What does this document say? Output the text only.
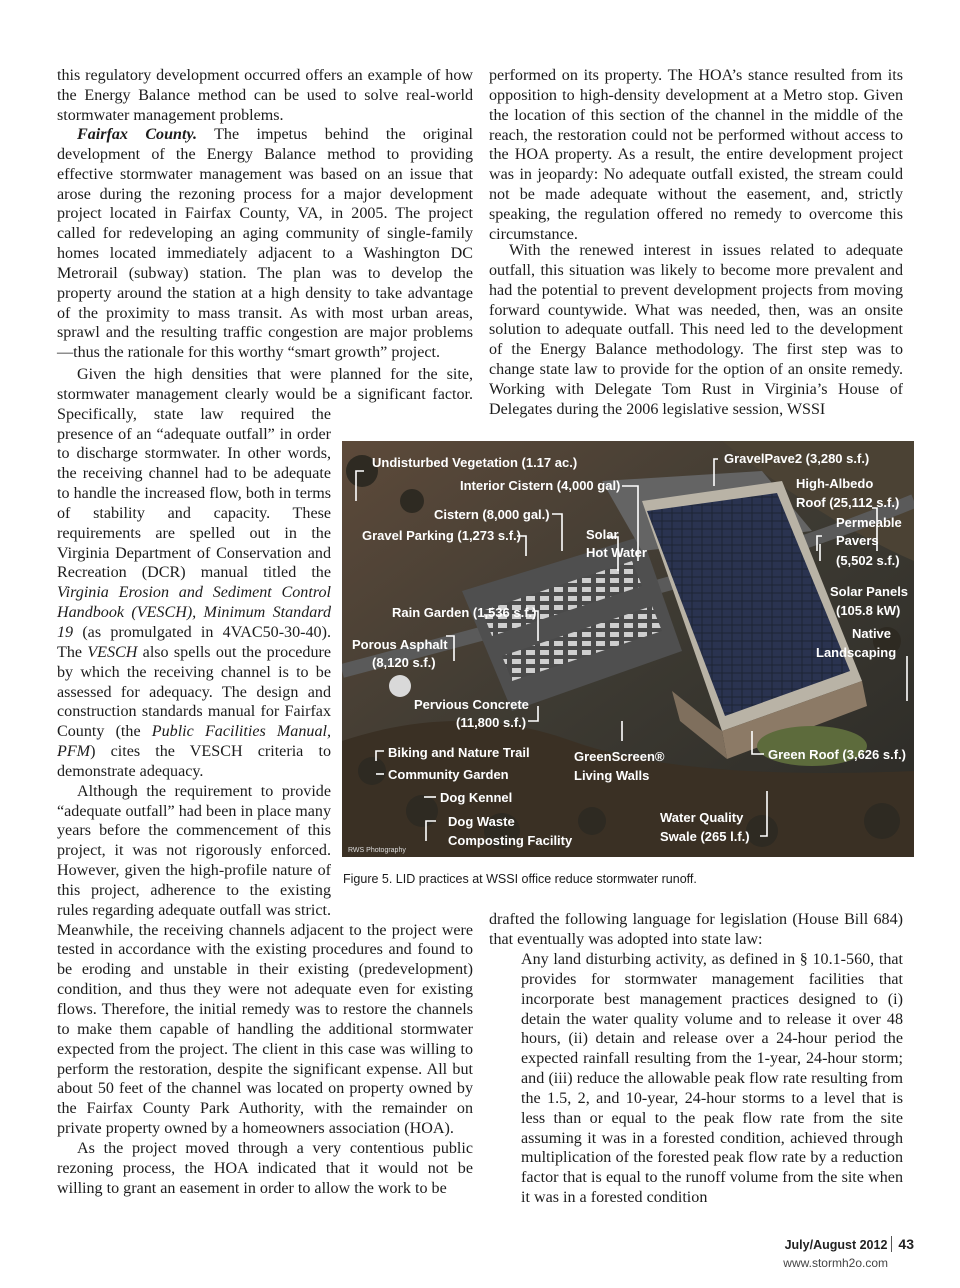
this regulatory development occurred offers an example of how the Energy Balance method can be used to solve real-world stormwater management problems.

Fairfax County. The impetus behind the original development of the Energy Balance method to providing effective stormwater management was based on an issue that arose during the rezoning process for a major development project located in Fairfax County, VA, in 2005. The project called for redeveloping an aging community of single-family homes located immediately adjacent to a Washington DC Metrorail (subway) station. The plan was to develop the property around the station at a high density to take advantage of the proximity to mass transit. As with most urban areas, sprawl and the resulting traffic congestion are major problems—thus the rationale for this worthy “smart growth” project.

Given the high densities that were planned for the site, stormwater management clearly would be a significant factor. Specifically, state law required the presence of an “adequate outfall” in order to discharge stormwater. In other words, the receiving channel had to be adequate to handle the increased flow, both in terms of stability and capacity. These requirements are spelled out in the Virginia Department of Conservation and Recreation (DCR) manual titled the Virginia Erosion and Sediment Control Handbook (VESCH), Minimum Standard 19 (as promulgated in 4VAC50-30-40). The VESCH also spells out the procedure by which the receiving channel is to be assessed for adequacy. The design and construction standards manual for Fairfax County (the Public Facilities Manual, PFM) cites the VESCH criteria to demonstrate adequacy.

Although the requirement to provide “adequate outfall” had been in place many years before the commencement of this project, it was not rigorously enforced. However, given the high-profile nature of this project, adherence to the existing rules regarding adequate outfall was strict. Meanwhile, the receiving channels adjacent to the project were tested in accordance with the existing procedures and found to be eroding and unstable in their existing (predevelopment) condition, and thus they were not adequate even for existing flows. Therefore, the initial remedy was to restore the channels to make them capable of handling the additional stormwater expected from the project. The client in this case was willing to perform the restoration, despite the significant expense. All but about 50 feet of the channel was located on property owned by the Fairfax County Park Authority, with the remainder on private property owned by a homeowners association (HOA).

As the project moved through a very contentious public rezoning process, the HOA indicated that it would not be willing to grant an easement in order to allow the work to be

performed on its property. The HOA’s stance resulted from its opposition to high-density development at a Metro stop. Given the location of this section of the channel in the middle of the reach, the restoration could not be performed without access to the HOA property. As a result, the entire development project was in jeopardy: No adequate outfall existed, the stream could not be made adequate without the easement, and, strictly speaking, the regulation offered no remedy to overcome this circumstance.

With the renewed interest in issues related to adequate outfall, this situation was likely to become more prevalent and had the potential to prevent development projects from moving forward countywide. What was needed, then, was an onsite solution to adequate outfall. This need led to the development of the Energy Balance methodology. The first step was to change state law to provide for the option of an onsite remedy. Working with Delegate Tom Rust in Virginia’s House of Delegates during the 2006 legislative session, WSSI

drafted the following language for legislation (House Bill 684) that eventually was adopted into state law:

Any land disturbing activity, as defined in § 10.1-560, that provides for stormwater management facilities that incorporate best management practices designed to (i) detain the water quality volume and to release it over 48 hours, (ii) detain and release over a 24-hour period the expected rainfall resulting from the 1-year, 24-hour storm; and (iii) reduce the allowable peak flow rate resulting from the 1.5, 2, and 10-year, 24-hour storms to a level that is less than or equal to the peak flow rate from the site assuming it was in a forested condition, achieved through multiplication of the forested peak flow rate by a reduction factor that is equal to the runoff volume from the site when it was in a forested condition

Undisturbed Vegetation (1.17 ac.)
Interior Cistern (4,000 gal)
Cistern (8,000 gal.)
Gravel Parking (1,273 s.f.)	Solar
Hot Water
Rain Garden (1,536 s.f.)
Porous Asphalt
(8,120 s.f.)
Pervious Concrete
(11,800 s.f.)
Biking and Nature Trail
Community Garden
Dog Kennel
Dog Waste
Composting Facility
GreenScreen®
Living Walls
Water Quality
Swale (265 l.f.)
Green Roof (3,626 s.f.)
Native
Landscaping
Solar Panels
(105.8 kW)
Permeable
Pavers
(5,502 s.f.)
High-Albedo
Roof (25,112 s.f.)
GravelPave2 (3,280 s.f.)
RWS Photography
Figure 5. LID practices at WSSI office reduce stormwater runoff.
July/August 2012 43
www.stormh2o.com
